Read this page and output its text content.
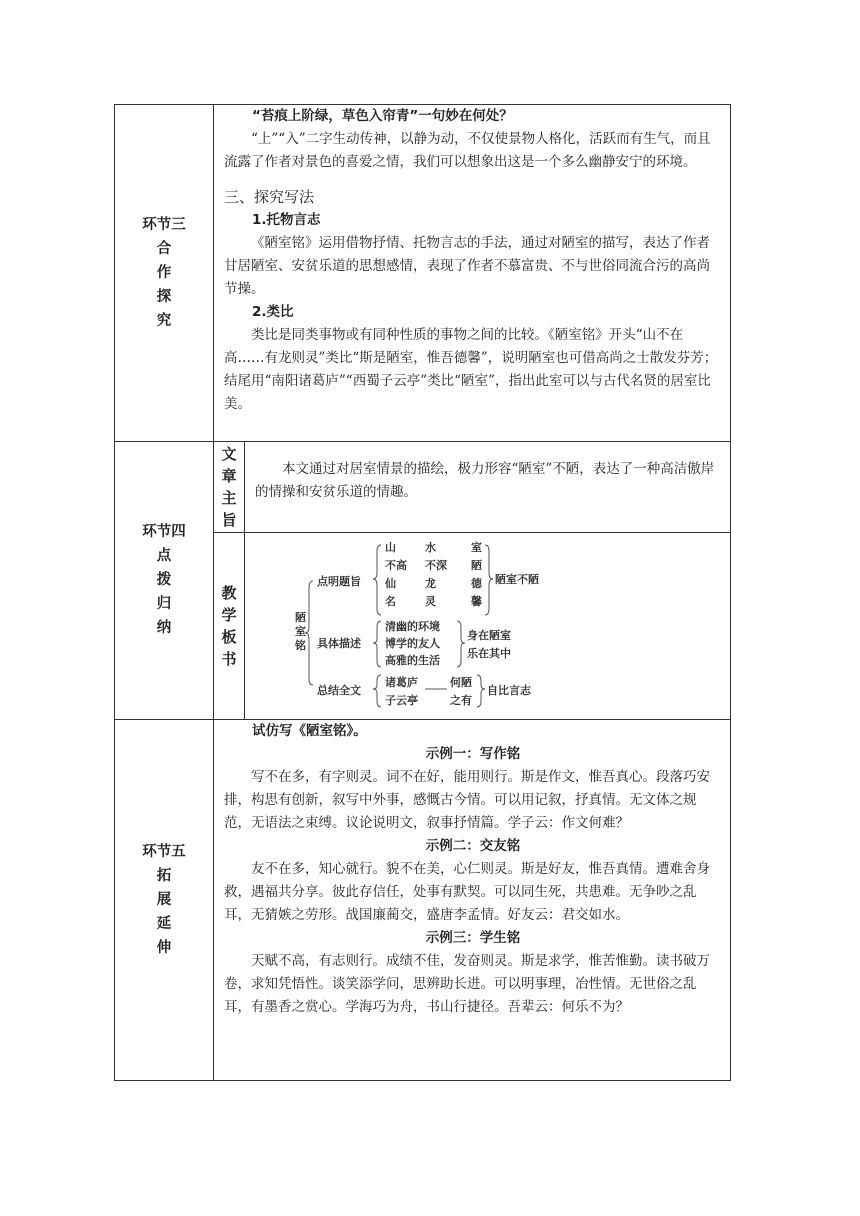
环节三
合
作
探
究

“苔痕上阶绿，草色入帘青”一句妙在何处？

“上”“入”二字生动传神，以静为动，不仅使景物人格化，活跃而有生气，而且流露了作者对景色的喜爱之情，我们可以想象出这是一个多么幽静安宁的环境。

三、探究写法

1.托物言志

《陋室铭》运用借物抒情、托物言志的手法，通过对陋室的描写，表达了作者甘居陋室、安贫乐道的思想感情，表现了作者不慕富贵、不与世俗同流合污的高尚节操。

2.类比

类比是同类事物或有同种性质的事物之间的比较。《陋室铭》开头“山不在高……有龙则灵”类比“斯是陋室，惟吾德馨”，说明陋室也可借高尚之士散发芬芳；结尾用“南阳诸葛庐”“西蜀子云亭”类比“陋室”，指出此室可以与古代名贤的居室比美。

环节四
点
拨
归
纳

文
章
主
旨

本文通过对居室情景的描绘，极力形容“陋室”不陋，表达了一种高洁傲岸的情操和安贫乐道的情趣。

教
学
板
书

陋
室
铭
点明题旨
山	水	室
不高 不深 陋
仙	龙	德
名	灵	馨
陋室不陋
具体描述
清幽的环境
博学的友人
高雅的生活
身在陋室
乐在其中
总结全文
诸葛庐	何陋
子云亭	之有
自比言志

环节五
拓
展
延
伸

试仿写《陋室铭》。

示例一：写作铭

写不在多，有字则灵。词不在好，能用则行。斯是作文，惟吾真心。段落巧安排，构思有创新，叙写中外事，感慨古今情。可以用记叙，抒真情。无文体之规范，无语法之束缚。议论说明文，叙事抒情篇。学子云：作文何难？

示例二：交友铭

友不在多，知心就行。貌不在美，心仁则灵。斯是好友，惟吾真情。遭难舍身救，遇福共分享。彼此存信任，处事有默契。可以同生死，共患难。无争吵之乱耳，无猜嫉之劳形。战国廉蔺交，盛唐李孟情。好友云：君交如水。

示例三：学生铭

天赋不高，有志则行。成绩不佳，发奋则灵。斯是求学，惟苦惟勤。读书破万卷，求知凭悟性。谈笑添学问，思辨助长进。可以明事理，冶性情。无世俗之乱耳，有墨香之赏心。学海巧为舟，书山行捷径。吾辈云：何乐不为？
